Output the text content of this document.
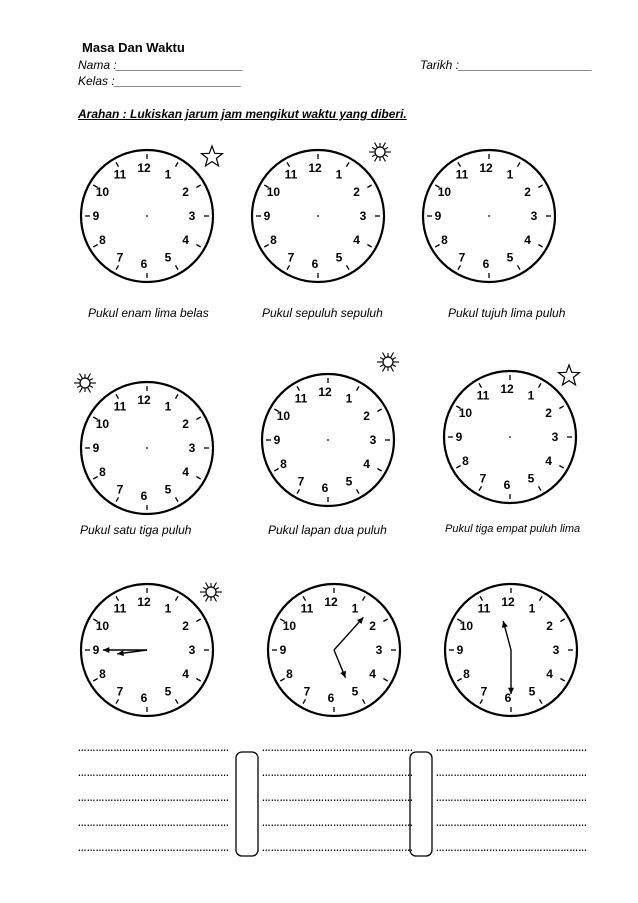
Masa Dan Waktu
Nama :___________________	Tarikh :____________________
Kelas :___________________
Arahan : Lukiskan jarum jam mengikut waktu yang diberi.
12 1
2
3
4
5
6
7
8
9
10
11	12 1
2
3
4
5
6
7
8
9
10
11	12 1
2
3
4
5
6
7
8
9
10
11
12 1
2
3
4
5
6
7
8
9
10
11
12 1
2
3
4
5
6
7
8
9
10
11
12 1
2
3
4
5
6
7
8
9
10
11
12 1
2
3
4
5
6
7
8
9
10
11	12 1
2
3
4
5
6
7
8
9
10
11	12 1
2
3
4
5
6
7
8
9
10
11
Pukul enam lima belas	Pukul sepuluh sepuluh	Pukul tujuh lima puluh
Pukul satu tiga puluh	Pukul lapan dua puluh	Pukul tiga empat puluh lima
……………………………………………	……………………………………………	……………………………………………
……………………………………………	……………………………………………	……………………………………………
……………………………………………	……………………………………………	……………………………………………
……………………………………………	……………………………………………	……………………………………………
……………………………………………	……………………………………………	……………………………………………
